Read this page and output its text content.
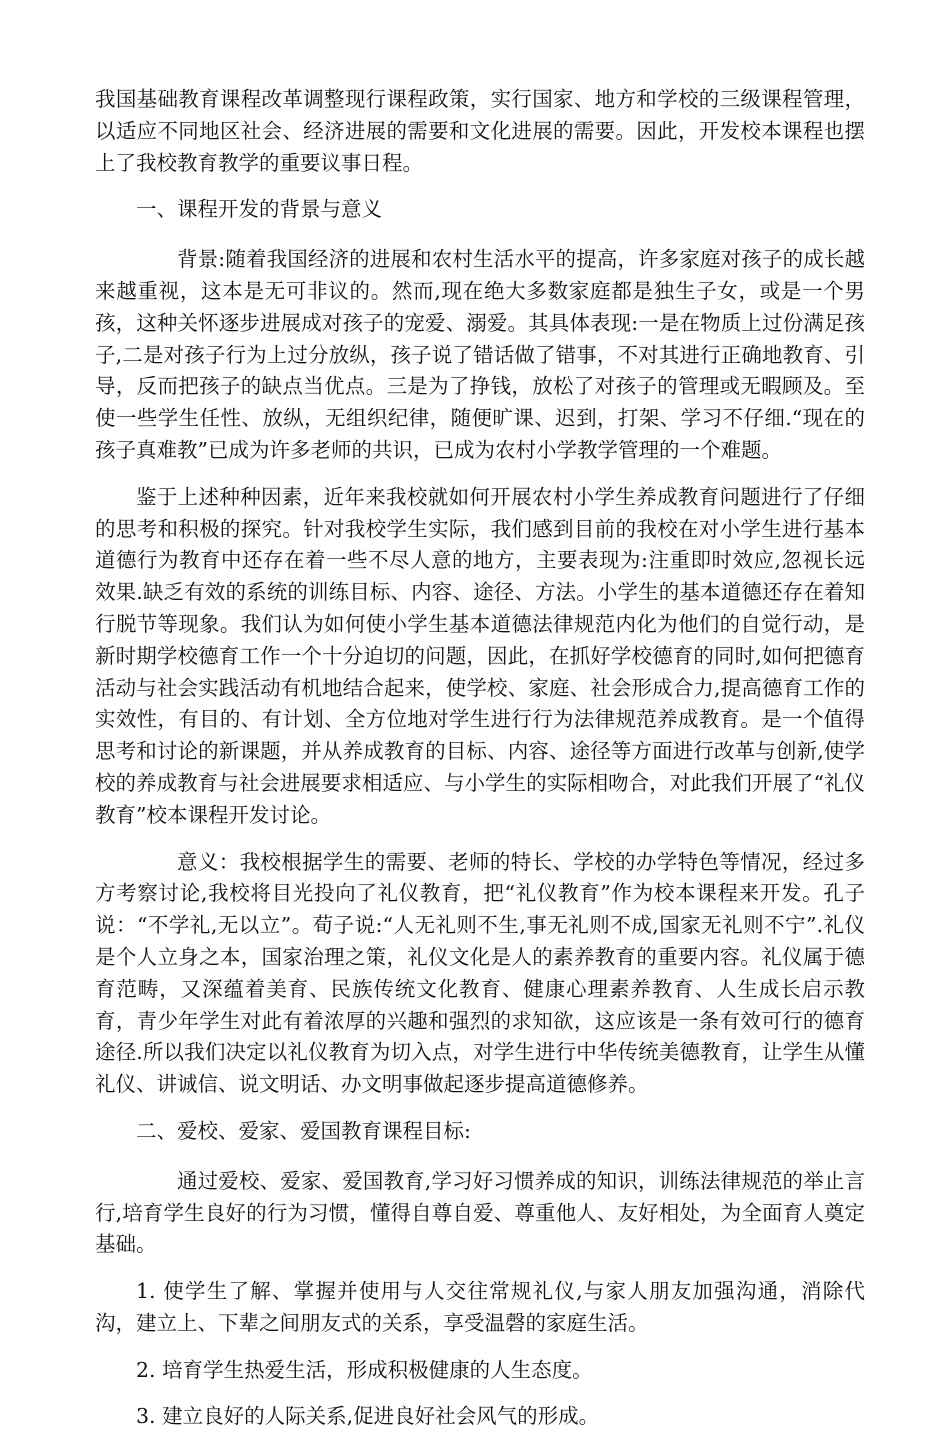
我国基础教育课程改革调整现行课程政策，实行国家、地方和学校的三级课程管理，以适应不同地区社会、经济进展的需要和文化进展的需要。因此，开发校本课程也摆上了我校教育教学的重要议事日程。

一、课程开发的背景与意义

背景:随着我国经济的进展和农村生活水平的提高，许多家庭对孩子的成长越来越重视，这本是无可非议的。然而,现在绝大多数家庭都是独生子女，或是一个男孩，这种关怀逐步进展成对孩子的宠爱、溺爱。其具体表现:一是在物质上过份满足孩子,二是对孩子行为上过分放纵，孩子说了错话做了错事，不对其进行正确地教育、引导，反而把孩子的缺点当优点。三是为了挣钱，放松了对孩子的管理或无暇顾及。至使一些学生任性、放纵，无组织纪律，随便旷课、迟到，打架、学习不仔细.“现在的孩子真难教”已成为许多老师的共识，已成为农村小学教学管理的一个难题。

鉴于上述种种因素，近年来我校就如何开展农村小学生养成教育问题进行了仔细的思考和积极的探究。针对我校学生实际，我们感到目前的我校在对小学生进行基本道德行为教育中还存在着一些不尽人意的地方，主要表现为:注重即时效应,忽视长远效果.缺乏有效的系统的训练目标、内容、途径、方法。小学生的基本道德还存在着知行脱节等现象。我们认为如何使小学生基本道德法律规范内化为他们的自觉行动，是新时期学校德育工作一个十分迫切的问题，因此，在抓好学校德育的同时,如何把德育活动与社会实践活动有机地结合起来，使学校、家庭、社会形成合力,提高德育工作的实效性，有目的、有计划、全方位地对学生进行行为法律规范养成教育。是一个值得思考和讨论的新课题，并从养成教育的目标、内容、途径等方面进行改革与创新,使学校的养成教育与社会进展要求相适应、与小学生的实际相吻合，对此我们开展了“礼仪教育”校本课程开发讨论。

意义：我校根据学生的需要、老师的特长、学校的办学特色等情况，经过多方考察讨论,我校将目光投向了礼仪教育，把“礼仪教育”作为校本课程来开发。孔子说：“不学礼,无以立”。荀子说:“人无礼则不生,事无礼则不成,国家无礼则不宁”.礼仪是个人立身之本，国家治理之策，礼仪文化是人的素养教育的重要内容。礼仪属于德育范畴，又深蕴着美育、民族传统文化教育、健康心理素养教育、人生成长启示教育，青少年学生对此有着浓厚的兴趣和强烈的求知欲，这应该是一条有效可行的德育途径.所以我们决定以礼仪教育为切入点，对学生进行中华传统美德教育，让学生从懂礼仪、讲诚信、说文明话、办文明事做起逐步提高道德修养。

二、爱校、爱家、爱国教育课程目标:

通过爱校、爱家、爱国教育,学习好习惯养成的知识，训练法律规范的举止言行,培育学生良好的行为习惯，懂得自尊自爱、尊重他人、友好相处，为全面育人奠定基础。

1. 使学生了解、掌握并使用与人交往常规礼仪,与家人朋友加强沟通，消除代沟，建立上、下辈之间朋友式的关系，享受温磬的家庭生活。

2. 培育学生热爱生活，形成积极健康的人生态度。

3. 建立良好的人际关系,促进良好社会风气的形成。
